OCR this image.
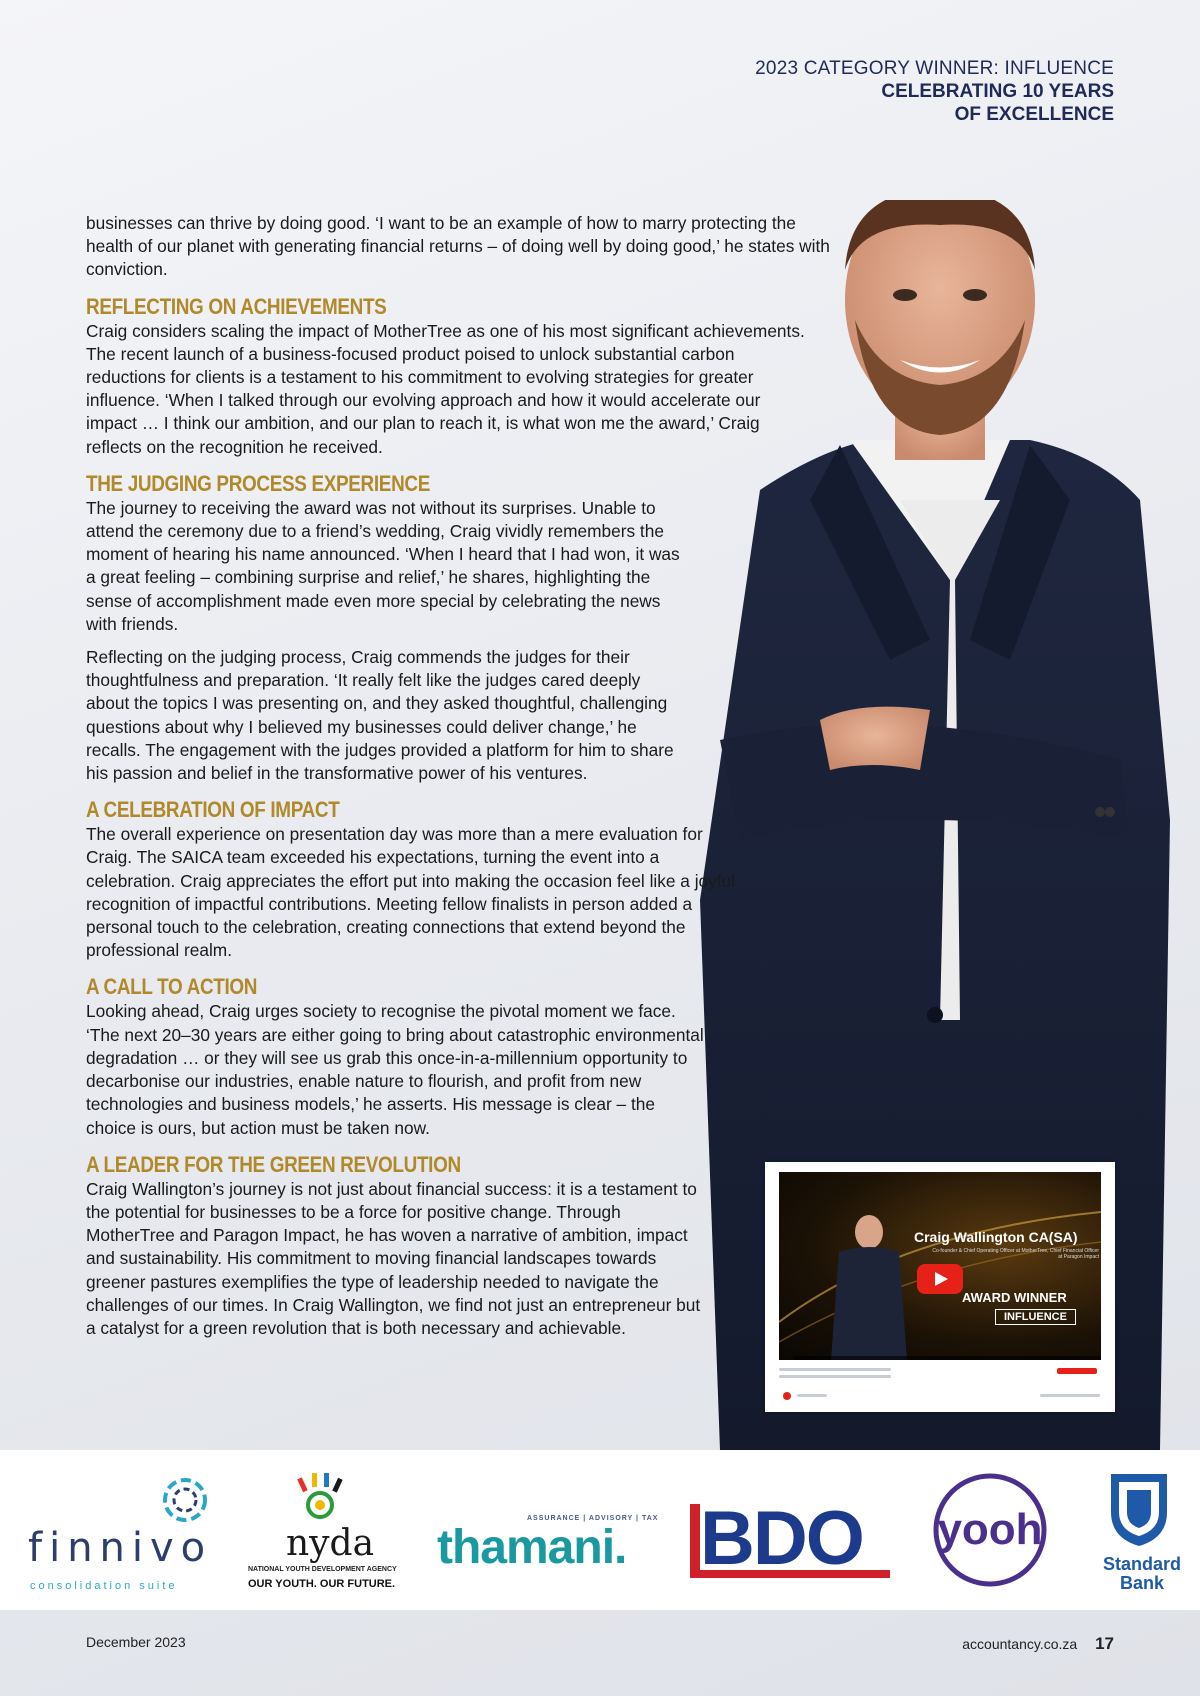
2023 CATEGORY WINNER: INFLUENCE
CELEBRATING 10 YEARS
OF EXCELLENCE

businesses can thrive by doing good. ‘I want to be an example of how to marry protecting the health of our planet with generating financial returns – of doing well by doing good,’ he states with conviction.

REFLECTING ON ACHIEVEMENTS

Craig considers scaling the impact of MotherTree as one of his most significant achievements. The recent launch of a business-focused product poised to unlock substantial carbon reductions for clients is a testament to his commitment to evolving strategies for greater influence. ‘When I talked through our evolving approach and how it would accelerate our impact … I think our ambition, and our plan to reach it, is what won me the award,’ Craig reflects on the recognition he received.

THE JUDGING PROCESS EXPERIENCE

The journey to receiving the award was not without its surprises. Unable to attend the ceremony due to a friend’s wedding, Craig vividly remembers the moment of hearing his name announced. ‘When I heard that I had won, it was a great feeling – combining surprise and relief,’ he shares, highlighting the sense of accomplishment made even more special by celebrating the news with friends.

Reflecting on the judging process, Craig commends the judges for their thoughtfulness and preparation. ‘It really felt like the judges cared deeply about the topics I was presenting on, and they asked thoughtful, challenging questions about why I believed my businesses could deliver change,’ he recalls. The engagement with the judges provided a platform for him to share his passion and belief in the transformative power of his ventures.

A CELEBRATION OF IMPACT

The overall experience on presentation day was more than a mere evaluation for Craig. The SAICA team exceeded his expectations, turning the event into a celebration. Craig appreciates the effort put into making the occasion feel like a joyful recognition of impactful contributions. Meeting fellow finalists in person added a personal touch to the celebration, creating connections that extend beyond the professional realm.

A CALL TO ACTION

Looking ahead, Craig urges society to recognise the pivotal moment we face. ‘The next 20–30 years are either going to bring about catastrophic environmental degradation … or they will see us grab this once-in-a-millennium opportunity to decarbonise our industries, enable nature to flourish, and profit from new technologies and business models,’ he asserts. His message is clear – the choice is ours, but action must be taken now.

A LEADER FOR THE GREEN REVOLUTION

Craig Wallington’s journey is not just about financial success: it is a testament to the potential for businesses to be a force for positive change. Through MotherTree and Paragon Impact, he has woven a narrative of ambition, impact and sustainability. His commitment to moving financial landscapes towards greener pastures exemplifies the type of leadership needed to navigate the challenges of our times. In Craig Wallington, we find not just an entrepreneur but a catalyst for a green revolution that is both necessary and achievable.

Craig Wallington CA(SA)
Co-founder & Chief Operating Officer at MotherTree, Chief Financial Officer at Paragon Impact
AWARD WINNER
INFLUENCE
finnivo
consolidation suite
nyda
NATIONAL YOUTH DEVELOPMENT AGENCY
OUR YOUTH. OUR FUTURE.
ASSURANCE | ADVISORY | TAX
thamani. BDO yooh
Standard
Bank
December 2023	accountancy.co.za 17
